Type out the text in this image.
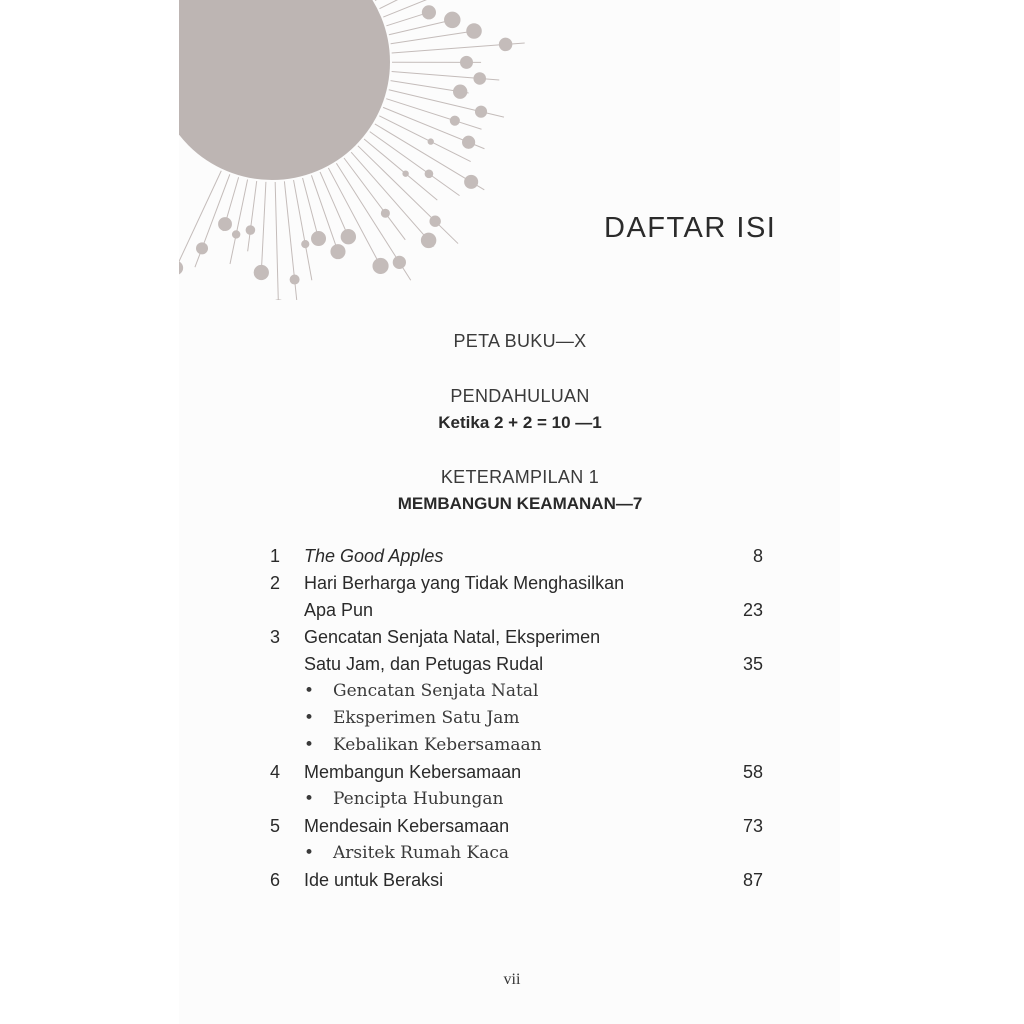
DAFTAR ISI
PETA BUKU—X
PENDAHULUAN
Ketika 2 + 2 = 10 —1
KETERAMPILAN 1
MEMBANGUN KEAMANAN—7
1	The Good Apples	8
2	Hari Berharga yang Tidak Menghasilkan
Apa Pun	23
3	Gencatan Senjata Natal, Eksperimen
Satu Jam, dan Petugas Rudal	35
• Gencatan Senjata Natal
• Eksperimen Satu Jam
• Kebalikan Kebersamaan
4	Membangun Kebersamaan	58
• Pencipta Hubungan
5	Mendesain Kebersamaan	73
• Arsitek Rumah Kaca
6	Ide untuk Beraksi	87
vii
